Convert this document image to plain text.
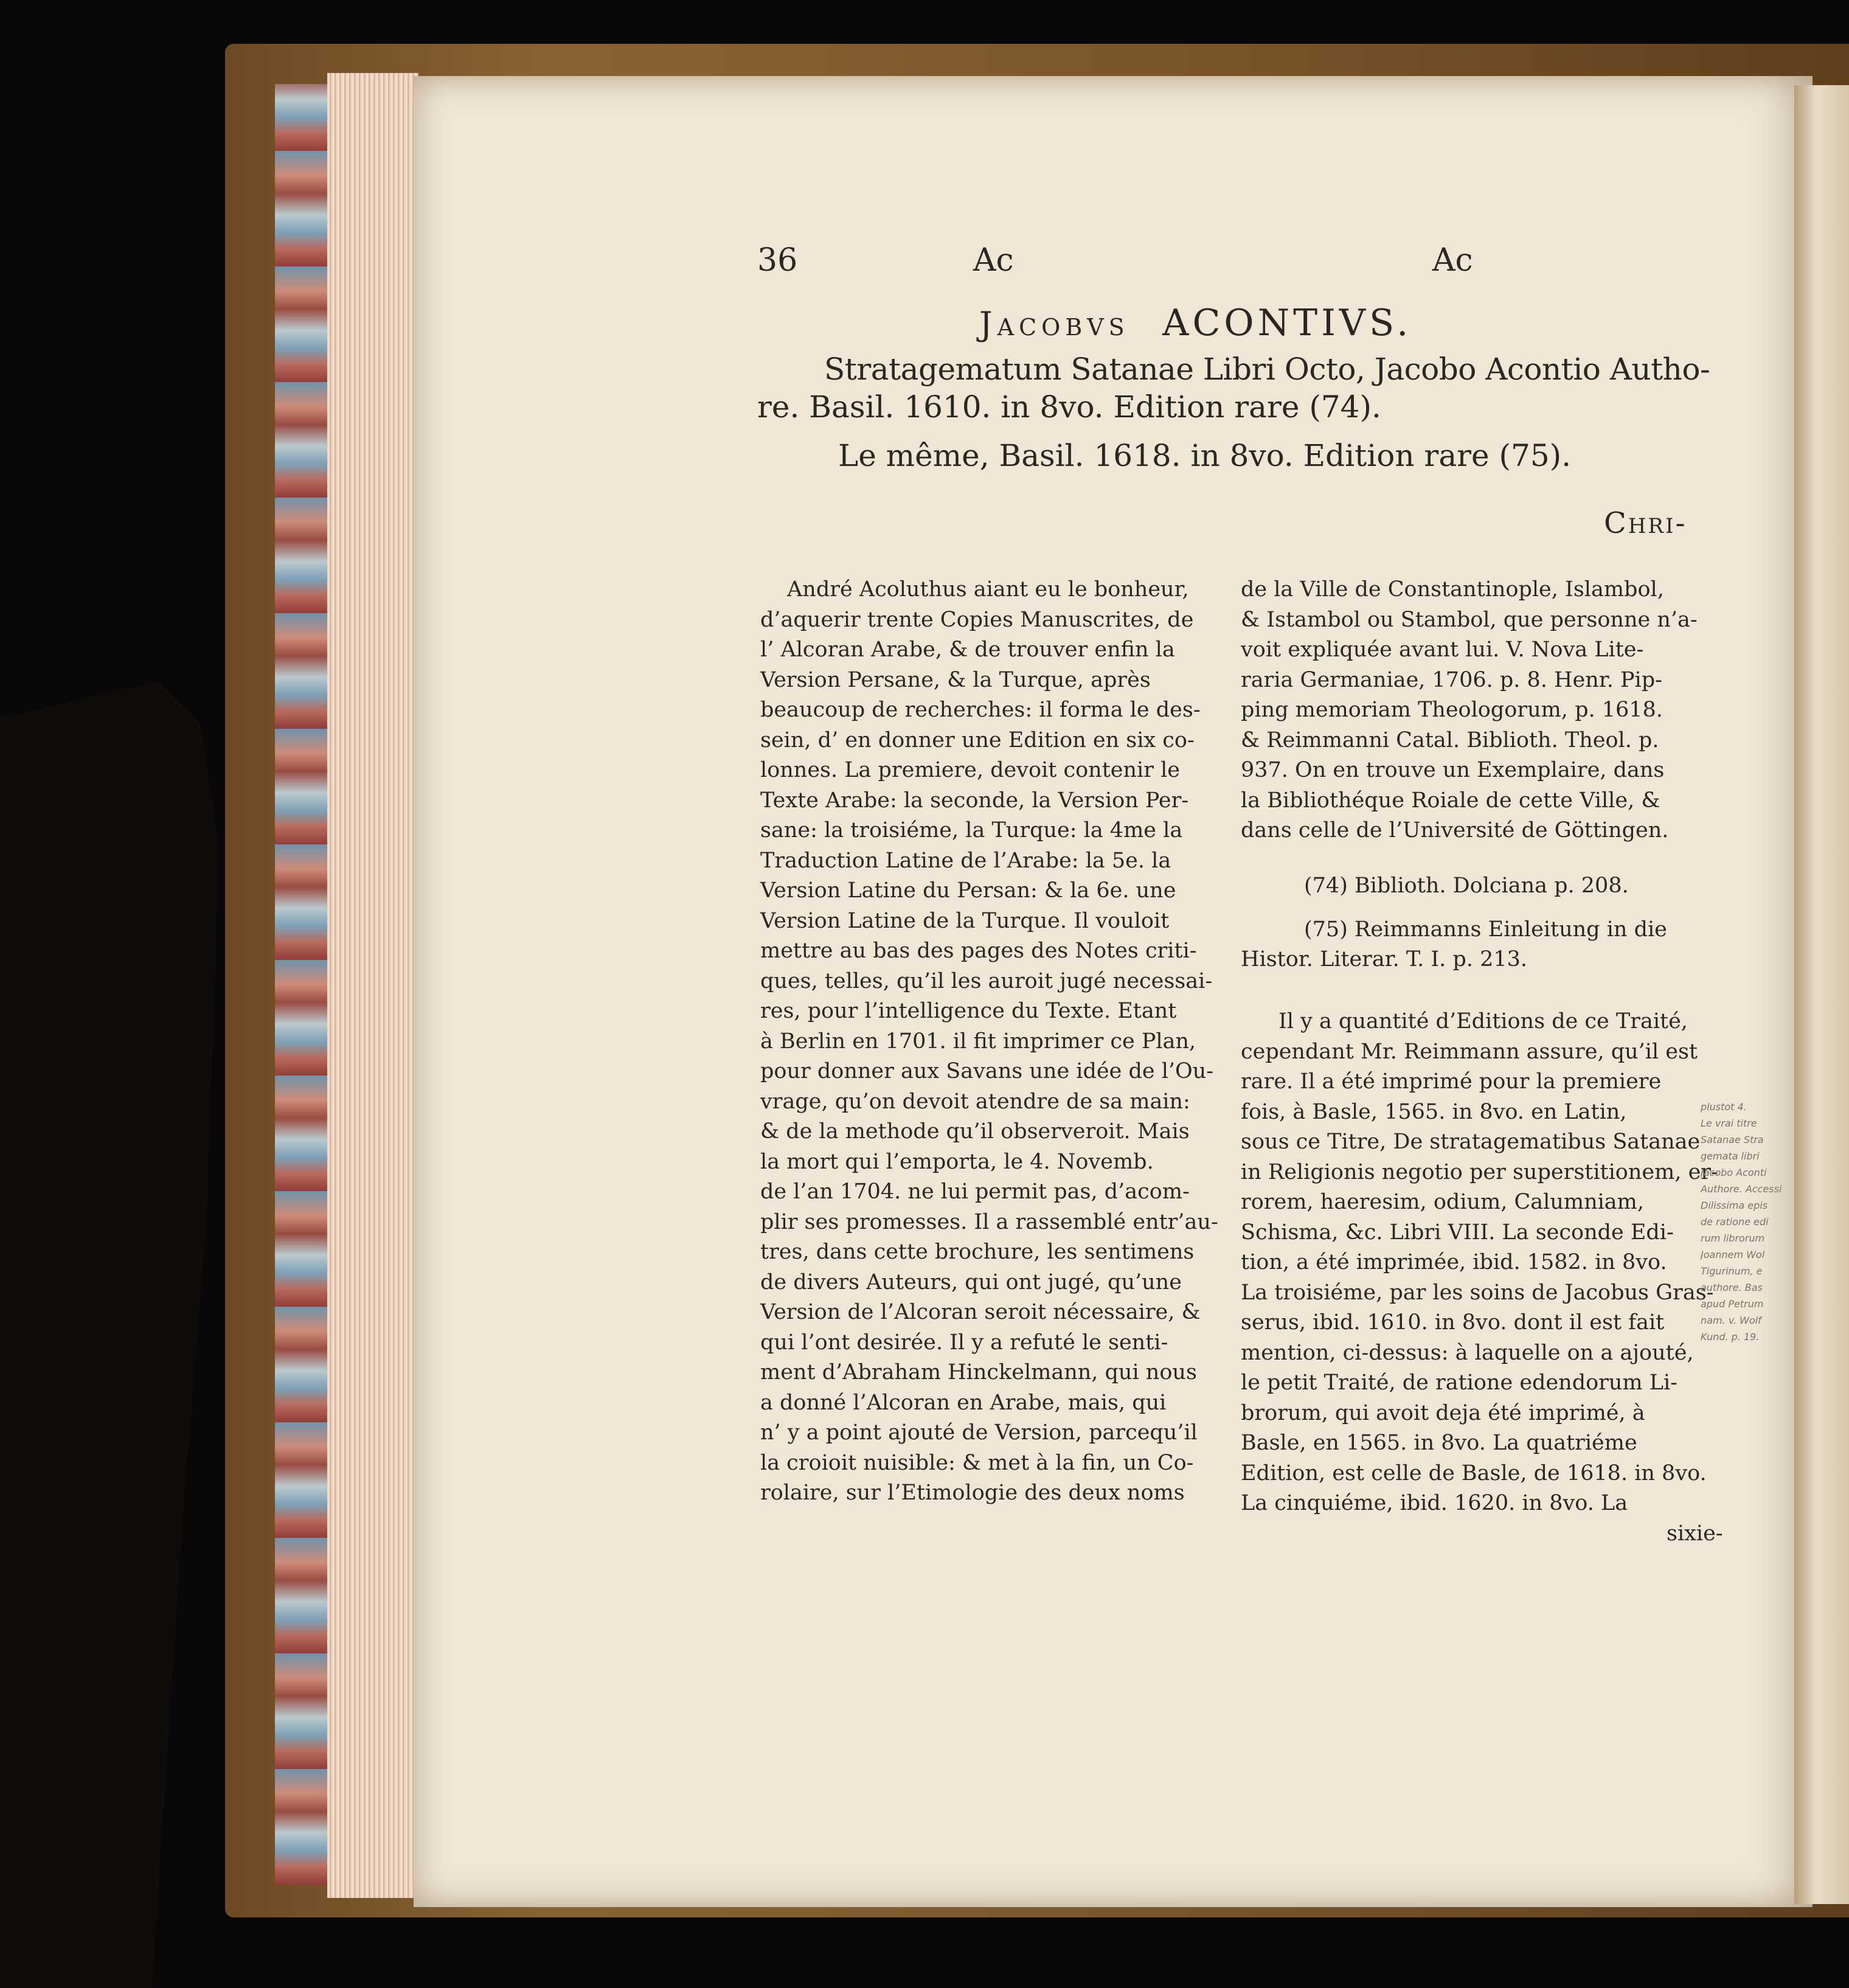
36	Ac	Ac
Jacobvs ACONTIVS.
Stratagematum Satanae Libri Octo, Jacobo Acontio Autho-
re. Basil. 1610. in 8vo. Edition rare (74).
Le même, Basil. 1618. in 8vo. Edition rare (75).
Chri-
André Acoluthus aiant eu le bonheur,
d’aquerir trente Copies Manuscrites, de
l’ Alcoran Arabe, & de trouver enfin la
Version Persane, & la Turque, après
beaucoup de recherches: il forma le des-
sein, d’ en donner une Edition en six co-
lonnes. La premiere, devoit contenir le
Texte Arabe: la seconde, la Version Per-
sane: la troisiéme, la Turque: la 4me la
Traduction Latine de l’Arabe: la 5e. la
Version Latine du Persan: & la 6e. une
Version Latine de la Turque. Il vouloit
mettre au bas des pages des Notes criti-
ques, telles, qu’il les auroit jugé necessai-
res, pour l’intelligence du Texte. Etant
à Berlin en 1701. il fit imprimer ce Plan,
pour donner aux Savans une idée de l’Ou-
vrage, qu’on devoit atendre de sa main:
& de la methode qu’il observeroit. Mais
la mort qui l’emporta, le 4. Novemb.
de l’an 1704. ne lui permit pas, d’acom-
plir ses promesses. Il a rassemblé entr’au-
tres, dans cette brochure, les sentimens
de divers Auteurs, qui ont jugé, qu’une
Version de l’Alcoran seroit nécessaire, &
qui l’ont desirée. Il y a refuté le senti-
ment d’Abraham Hinckelmann, qui nous
a donné l’Alcoran en Arabe, mais, qui
n’ y a point ajouté de Version, parcequ’il
la croioit nuisible: & met à la fin, un Co-
rolaire, sur l’Etimologie des deux noms
de la Ville de Constantinople, Islambol,
& Istambol ou Stambol, que personne n’a-
voit expliquée avant lui. V. Nova Lite-
raria Germaniae, 1706. p. 8. Henr. Pip-
ping memoriam Theologorum, p. 1618.
& Reimmanni Catal. Biblioth. Theol. p.
937. On en trouve un Exemplaire, dans
la Bibliothéque Roiale de cette Ville, &
dans celle de l’Université de Göttingen.
(74) Biblioth. Dolciana p. 208.
(75) Reimmanns Einleitung in die
Histor. Literar. T. I. p. 213.
Il y a quantité d’Editions de ce Traité,
cependant Mr. Reimmann assure, qu’il est
rare. Il a été imprimé pour la premiere
fois, à Basle, 1565. in 8vo. en Latin,
sous ce Titre, De stratagematibus Satanae
in Religionis negotio per superstitionem, er-
rorem, haeresim, odium, Calumniam,
Schisma, &c. Libri VIII. La seconde Edi-
tion, a été imprimée, ibid. 1582. in 8vo.
La troisiéme, par les soins de Jacobus Gras-
serus, ibid. 1610. in 8vo. dont il est fait
mention, ci-dessus: à laquelle on a ajouté,
le petit Traité, de ratione edendorum Li-
brorum, qui avoit deja été imprimé, à
Basle, en 1565. in 8vo. La quatriéme
Edition, est celle de Basle, de 1618. in 8vo.
La cinquiéme, ibid. 1620. in 8vo. La
sixie-
plustot 4.
Le vrai titre
Satanae Stra
gemata libri
Jacobo Aconti
Authore. Accessi
Dilissima epis
de ratione edi
rum librorum
Joannem Wol
Tigurinum, e
authore. Bas
apud Petrum
nam. v. Wolf
Kund. p. 19.
